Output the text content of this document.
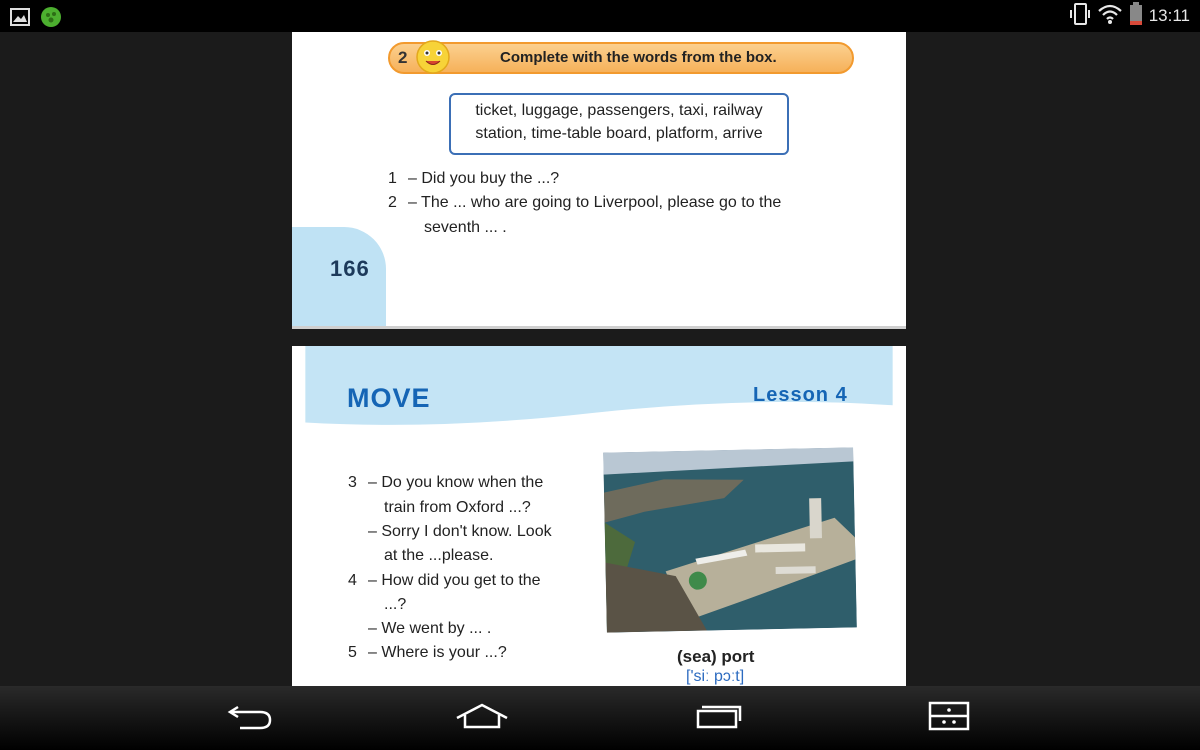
13:11
2	Complete with the words from the box.
ticket, luggage, passengers, taxi, railway
station, time-table board, platform, arrive
1 – Did you buy the ...?
2 – The ... who are going to Liverpool, please go to the
seventh ... .
166
MOVE	Lesson 4
3 – Do you know when the
train from Oxford ...?
– Sorry I don't know. Look
at the ...please.
4 – How did you get to the
...?
– We went by ... .
5 – Where is your ...?	(sea) port
['siː pɔːt]
